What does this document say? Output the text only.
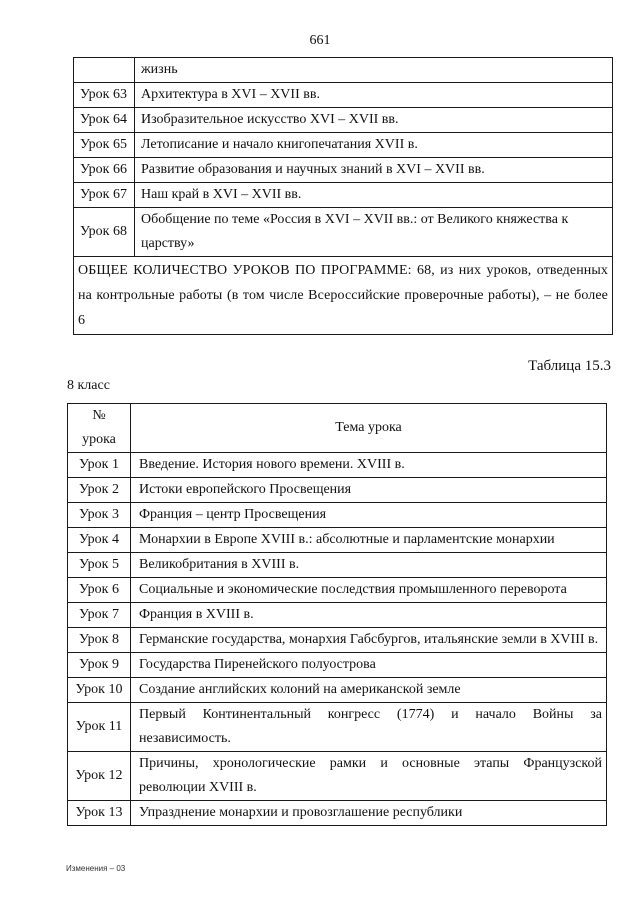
661
	жизнь
Урок 63	Архитектура в XVI – XVII вв.
Урок 64	Изобразительное искусство XVI – XVII вв.
Урок 65	Летописание и начало книгопечатания XVII в.
Урок 66	Развитие образования и научных знаний в XVI – XVII вв.
Урок 67	Наш край в XVI – XVII вв.
Урок 68	Обобщение по теме «Россия в XVI – XVII вв.: от Великого княжества к царству»
ОБЩЕЕ КОЛИЧЕСТВО УРОКОВ ПО ПРОГРАММЕ: 68, из них уроков, отведенных на контрольные работы (в том числе Всероссийские проверочные работы), – не более 6	
Таблица 15.3
8 класс
№ урока	Тема урока
Урок 1	Введение. История нового времени. XVIII в.
Урок 2	Истоки европейского Просвещения
Урок 3	Франция – центр Просвещения
Урок 4	Монархии в Европе XVIII в.: абсолютные и парламентские монархии
Урок 5	Великобритания в XVIII в.
Урок 6	Социальные и экономические последствия промышленного переворота
Урок 7	Франция в XVIII в.
Урок 8	Германские государства, монархия Габсбургов, итальянские земли в XVIII в.
Урок 9	Государства Пиренейского полуострова
Урок 10	Создание английских колоний на американской земле
Урок 11	Первый Континентальный конгресс (1774) и начало Войны за независимость.
Урок 12	Причины, хронологические рамки и основные этапы Французской революции XVIII в.
Урок 13	Упразднение монархии и провозглашение республики
Изменения – 03
